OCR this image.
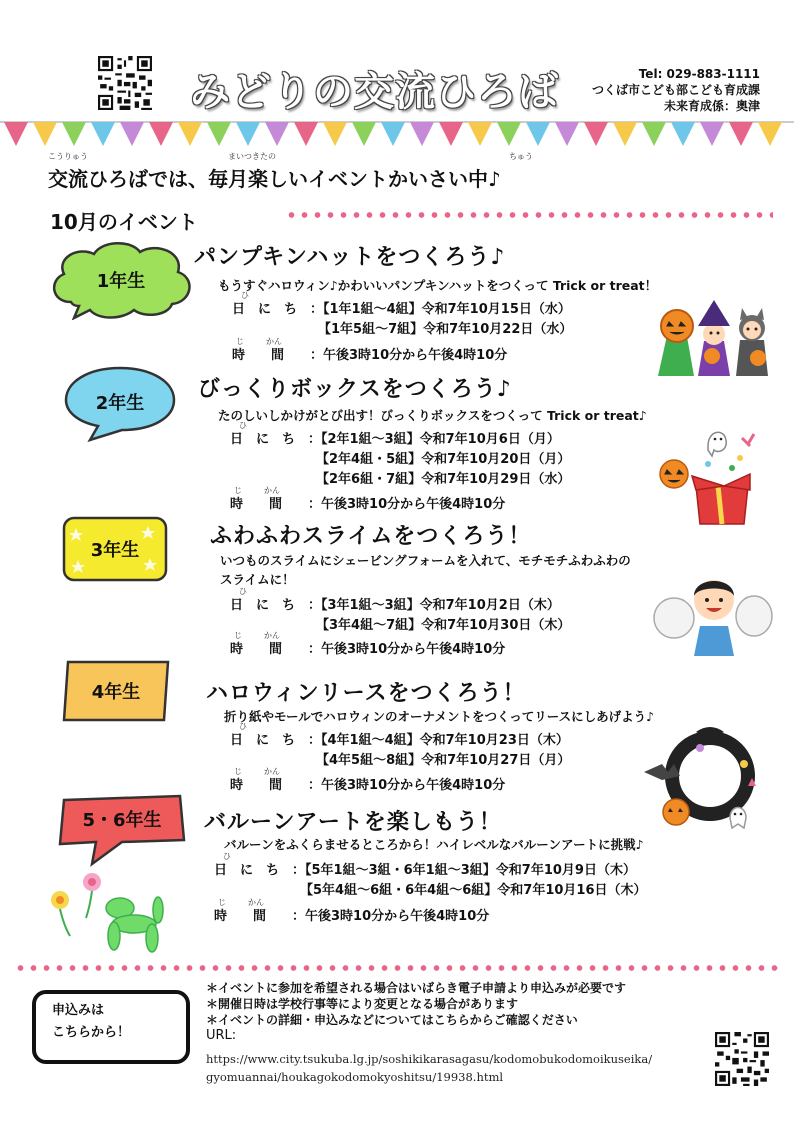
みどりの交流ひろば	Tel: 029-883-1111
つくば市こども部こども育成課
未来育成係：奥津
こうりゅう	まいつきたの	ちゅう
交流ひろばでは、毎月楽しいイベントかいさい中♪
10月のイベント
1年生
パンプキンハットをつくろう♪
もうすぐハロウィン♪かわいいパンプキンハットをつくって Trick or treat！
ひ
日　に　ち ：【1年1組～4組】令和7年10月15日（水）
【1年5組～7組】令和7年10月22日（水）
じ	かん
時　　間 ：午後3時10分から午後4時10分
2年生
びっくりボックスをつくろう♪
たのしいしかけがとび出す！びっくりボックスをつくって Trick or treat♪
ひ
日　に　ち ：【2年1組～3組】令和7年10月6日（月）
【2年4組・5組】令和7年10月20日（月）
【2年6組・7組】令和7年10月29日（水）
じ	かん
時　　間 ：午後3時10分から午後4時10分
3年生
ふわふわスライムをつくろう！
いつものスライムにシェービングフォームを入れて、モチモチふわふわの
スライムに！
ひ
日　に　ち ：【3年1組～3組】令和7年10月2日（木）
【3年4組～7組】令和7年10月30日（木）
じ	かん
時　　間 ：午後3時10分から午後4時10分
4年生	ハロウィンリースをつくろう！
折り紙やモールでハロウィンのオーナメントをつくってリースにしあげよう♪
ひ
日　に　ち ：【4年1組～4組】令和7年10月23日（木）
【4年5組～8組】令和7年10月27日（月）
じ	かん
時　　間 ：午後3時10分から午後4時10分
5・6年生	バルーンアートを楽しもう！
バルーンをふくらませるところから！ハイレベルなバルーンアートに挑戦♪
ひ
日　に　ち ：【5年1組～3組・6年1組～3組】令和7年10月9日（木）
【5年4組～6組・6年4組～6組】令和7年10月16日（木）
じ	かん
時　　間 ：午後3時10分から午後4時10分
申込みは
こちらから！
＊イベントに参加を希望される場合はいばらき電子申請より申込みが必要です
＊開催日時は学校行事等により変更となる場合があります
＊イベントの詳細・申込みなどについてはこちらからご確認ください
URL:
https://www.city.tsukuba.lg.jp/soshikikarasagasu/kodomobukodomoikuseika/
gyomuannai/houkagokodomokyoshitsu/19938.html
